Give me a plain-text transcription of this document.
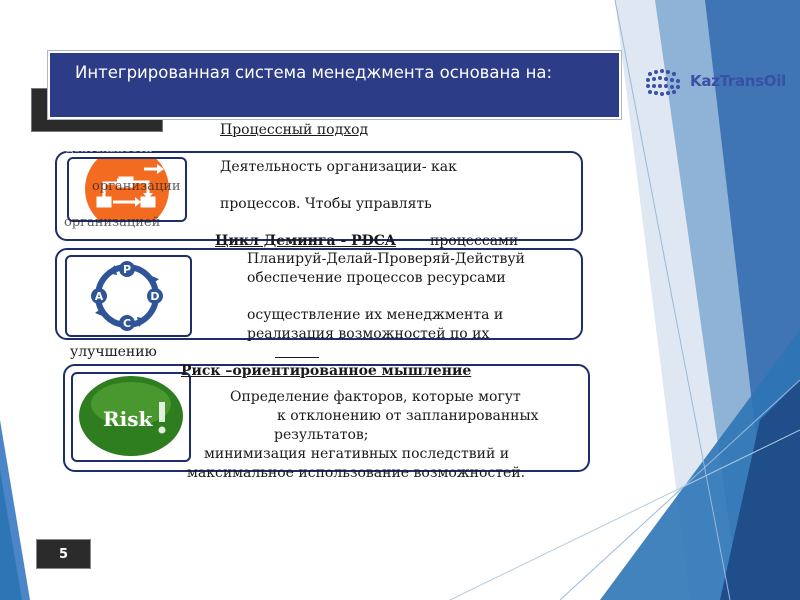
Интегрированная система менеджмента основана на:	KazTransOil
Процессный подход
деятельности
Деятельность организации- как
организации
процессов. Чтобы управлять
организацией
Цикл Деминга - PDCA процессами
P
D
C
A
Планируй-Делай-Проверяй-Действуй
обеспечение процессов ресурсами
осуществление их менеджмента и
реализация возможностей по их
улучшению
Risk
Риск –ориентированное мышление
Определение факторов, которые могут
к отклонению от запланированных
результатов;
минимизация негативных последствий и
максимальное использование возможностей.
5
